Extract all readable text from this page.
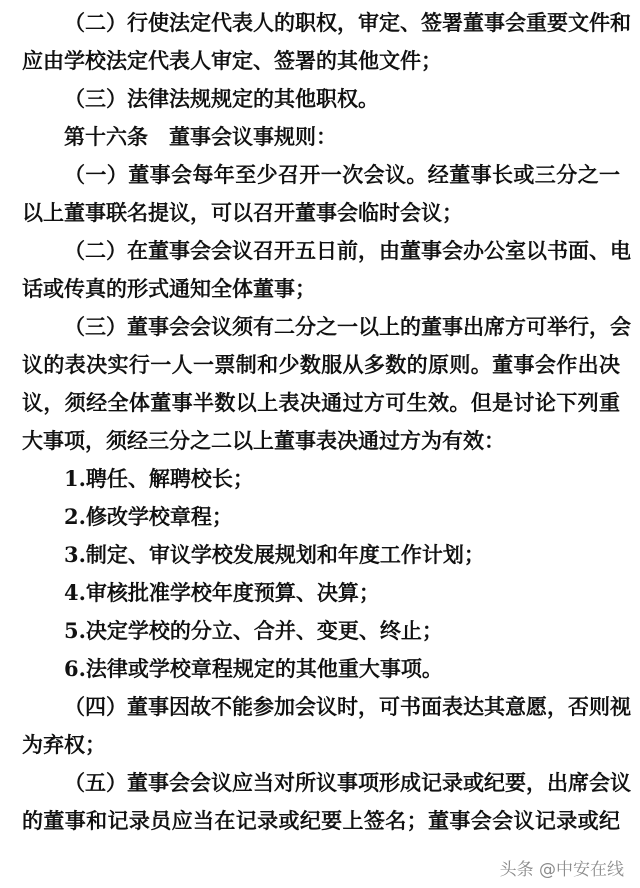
（二）行使法定代表人的职权，审定、签署董事会重要文件和
应由学校法定代表人审定、签署的其他文件；
（三）法律法规规定的其他职权。
第十六条　董事会议事规则：
（一）董事会每年至少召开一次会议。经董事长或三分之一
以上董事联名提议，可以召开董事会临时会议；
（二）在董事会会议召开五日前，由董事会办公室以书面、电
话或传真的形式通知全体董事；
（三）董事会会议须有二分之一以上的董事出席方可举行，会
议的表决实行一人一票制和少数服从多数的原则。董事会作出决
议，须经全体董事半数以上表决通过方可生效。但是讨论下列重
大事项，须经三分之二以上董事表决通过方为有效：
1.聘任、解聘校长；
2.修改学校章程；
3.制定、审议学校发展规划和年度工作计划；
4.审核批准学校年度预算、决算；
5.决定学校的分立、合并、变更、终止；
6.法律或学校章程规定的其他重大事项。
（四）董事因故不能参加会议时，可书面表达其意愿，否则视
为弃权；
（五）董事会会议应当对所议事项形成记录或纪要，出席会议
的董事和记录员应当在记录或纪要上签名；董事会会议记录或纪
头条 @中安在线
